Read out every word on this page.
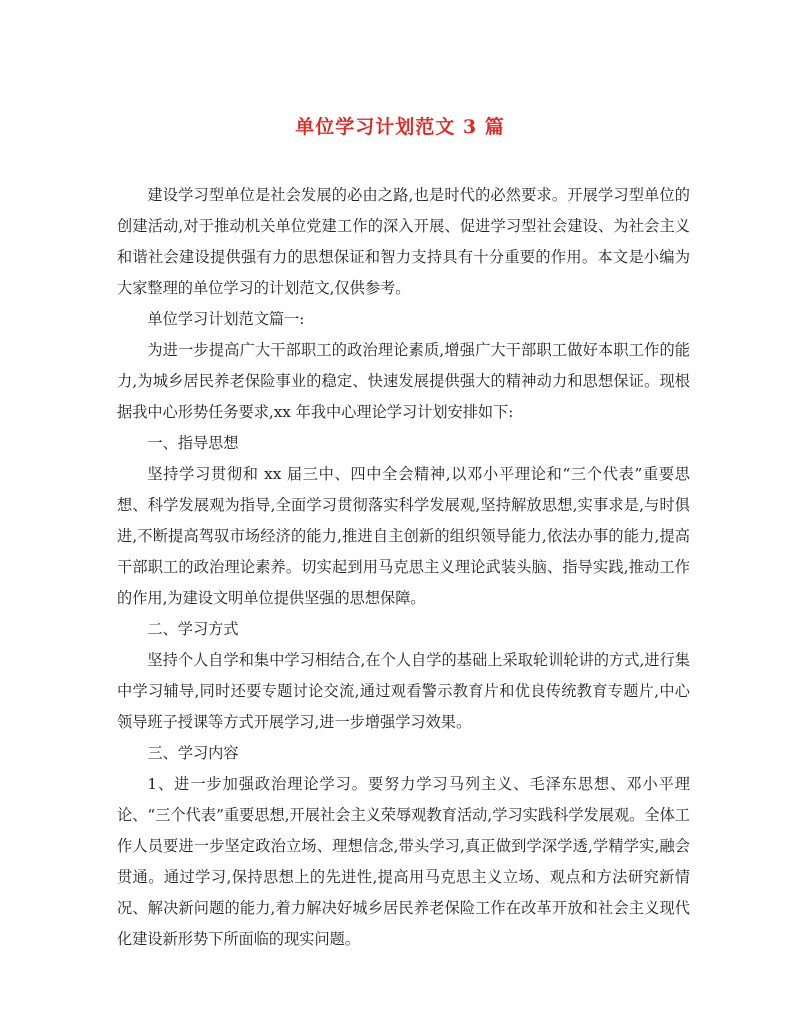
单位学习计划范文 3 篇

建设学习型单位是社会发展的必由之路,也是时代的必然要求。开展学习型单位的创建活动,对于推动机关单位党建工作的深入开展、促进学习型社会建设、为社会主义和谐社会建设提供强有力的思想保证和智力支持具有十分重要的作用。本文是小编为大家整理的单位学习的计划范文,仅供参考。

单位学习计划范文篇一:

为进一步提高广大干部职工的政治理论素质,增强广大干部职工做好本职工作的能力,为城乡居民养老保险事业的稳定、快速发展提供强大的精神动力和思想保证。现根据我中心形势任务要求,xx 年我中心理论学习计划安排如下:

一、指导思想

坚持学习贯彻和 xx 届三中、四中全会精神,以邓小平理论和“三个代表”重要思想、科学发展观为指导,全面学习贯彻落实科学发展观,坚持解放思想,实事求是,与时俱进,不断提高驾驭市场经济的能力,推进自主创新的组织领导能力,依法办事的能力,提高干部职工的政治理论素养。切实起到用马克思主义理论武装头脑、指导实践,推动工作的作用,为建设文明单位提供坚强的思想保障。

二、学习方式

坚持个人自学和集中学习相结合,在个人自学的基础上采取轮训轮讲的方式,进行集中学习辅导,同时还要专题讨论交流,通过观看警示教育片和优良传统教育专题片,中心领导班子授课等方式开展学习,进一步增强学习效果。

三、学习内容

1、进一步加强政治理论学习。要努力学习马列主义、毛泽东思想、邓小平理论、“三个代表”重要思想,开展社会主义荣辱观教育活动,学习实践科学发展观。全体工作人员要进一步坚定政治立场、理想信念,带头学习,真正做到学深学透,学精学实,融会贯通。通过学习,保持思想上的先进性,提高用马克思主义立场、观点和方法研究新情况、解决新问题的能力,着力解决好城乡居民养老保险工作在改革开放和社会主义现代化建设新形势下所面临的现实问题。
